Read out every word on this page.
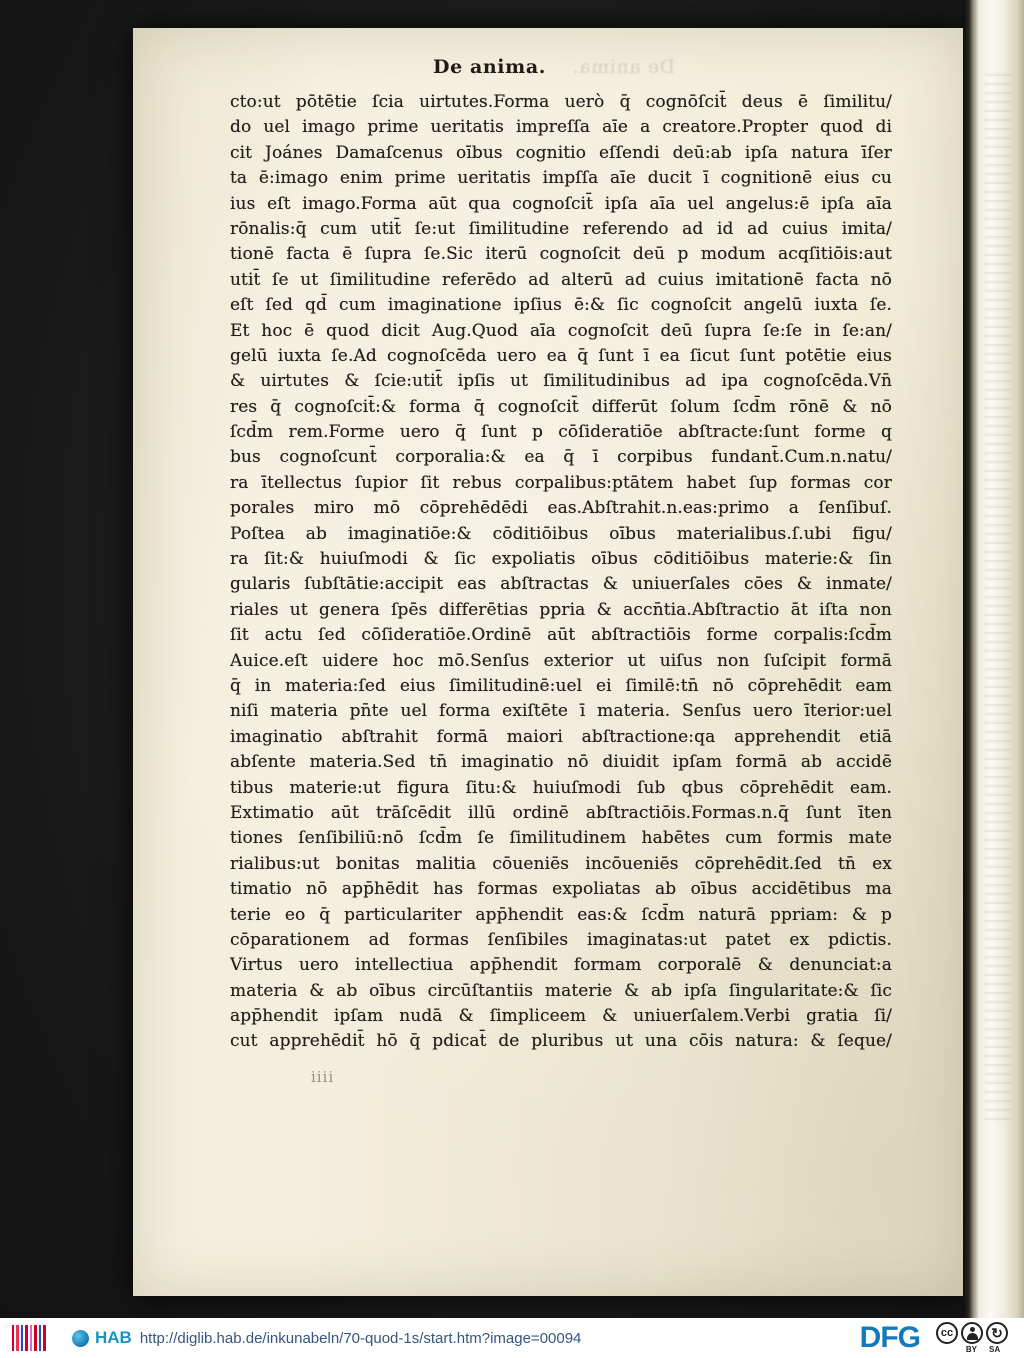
De anima. De anima.
cto:ut pōtētie ſcia uirtutes.Forma uerò q̄ cognōſcit̄ deus ē ſimilitu/
do uel imago prime ueritatis impreſſa aīe a creatore.Propter quod di
cit Joánes Damaſcenus oībus cognitio eſſendi deū:ab ipſa natura īſer
ta ē:imago enim prime ueritatis impſſa aīe ducit ī cognitionē eius cu
ius eſt imago.Forma aūt qua cognoſcit̄ ipſa aīa uel angelus:ē ipſa aīa
rōnalis:q̄ cum utit̄ ſe:ut ſimilitudine referendo ad id ad cuius imita/
tionē facta ē ſupra ſe.Sic iterū cognoſcit deū p modum acqſitiōis:aut
utit̄ ſe ut ſimilitudine referēdo ad alterū ad cuius imitationē facta nō
eſt ſed qd̄ cum imaginatione ipſius ē:& ſic cognoſcit angelū iuxta ſe.
Et hoc ē quod dicit Aug.Quod aīa cognoſcit deū ſupra ſe:ſe in ſe:an/
gelū iuxta ſe.Ad cognoſcēda uero ea q̄ ſunt ī ea ſicut ſunt potētie eius
& uirtutes & ſcie:utit̄ ipſis ut ſimilitudinibus ad ipa cognoſcēda.Vn̄
res q̄ cognoſcit̄:& forma q̄ cognoſcit̄ differūt ſolum ſcd̄m rōnē & nō
ſcd̄m rem.Forme uero q̄ ſunt p cōſideratiōe abſtracte:ſunt forme q
bus cognoſcunt̄ corporalia:& ea q̄ ī corpibus fundant̄.Cum.n.natu/
ra ītellectus ſupior ſit rebus corpalibus:ptātem habet ſup formas cor
porales miro mō cōprehēdēdi eas.Abſtrahit.n.eas:primo a ſenſibuſ.
Poſtea ab imaginatiōe:& cōditiōibus oībus materialibus.ſ.ubi figu/
ra ſit:& huiuſmodi & ſic expoliatis oībus cōditiōibus materie:& ſin
gularis ſubſtātie:accipit eas abſtractas & uniuerſales cōes & inmate/
riales ut genera ſpēs differētias ppria & accn̄tia.Abſtractio āt iſta non
ſit actu ſed cōſideratiōe.Ordinē aūt abſtractiōis forme corpalis:ſcd̄m
Auice.eſt uidere hoc mō.Senſus exterior ut uiſus non ſuſcipit formā
q̄ in materia:ſed eius ſimilitudinē:uel ei ſimilē:tn̄ nō cōprehēdit eam
niſi materia pn̄te uel forma exiſtēte ī materia. Senſus uero īterior:uel
imaginatio abſtrahit formā maiori abſtractione:qa apprehendit etiā
abſente materia.Sed tn̄ imaginatio nō diuidit ipſam formā ab accidē
tibus materie:ut figura ſitu:& huiuſmodi ſub qbus cōprehēdit eam.
Extimatio aūt trāſcēdit illū ordinē abſtractiōis.Formas.n.q̄ ſunt īten
tiones ſenſibiliū:nō ſcd̄m ſe ſimilitudinem habētes cum formis mate
rialibus:ut bonitas malitia cōueniēs incōueniēs cōprehēdit.ſed tn̄ ex
timatio nō app̄hēdit has formas expoliatas ab oībus accidētibus ma
terie eo q̄ particulariter app̄hendit eas:& ſcd̄m naturā ppriam: & p
cōparationem ad formas ſenſibiles imaginatas:ut patet ex pdictis.
Virtus uero intellectiua app̄hendit formam corporalē & denunciat:a
materia & ab oībus circūſtantiis materie & ab ipſa ſingularitate:& ſic
app̄hendit ipſam nudā & ſimpliceem & uniuerſalem.Verbi gratia ſi/
cut apprehēdit̄ hō q̄ pdicat̄ de pluribus ut una cōis natura: & ſeque/
iiii
HAB http://diglib.hab.de/inkunabeln/70-quod-1s/start.htm?image=00094	DFG	cc	↻
BY SA
